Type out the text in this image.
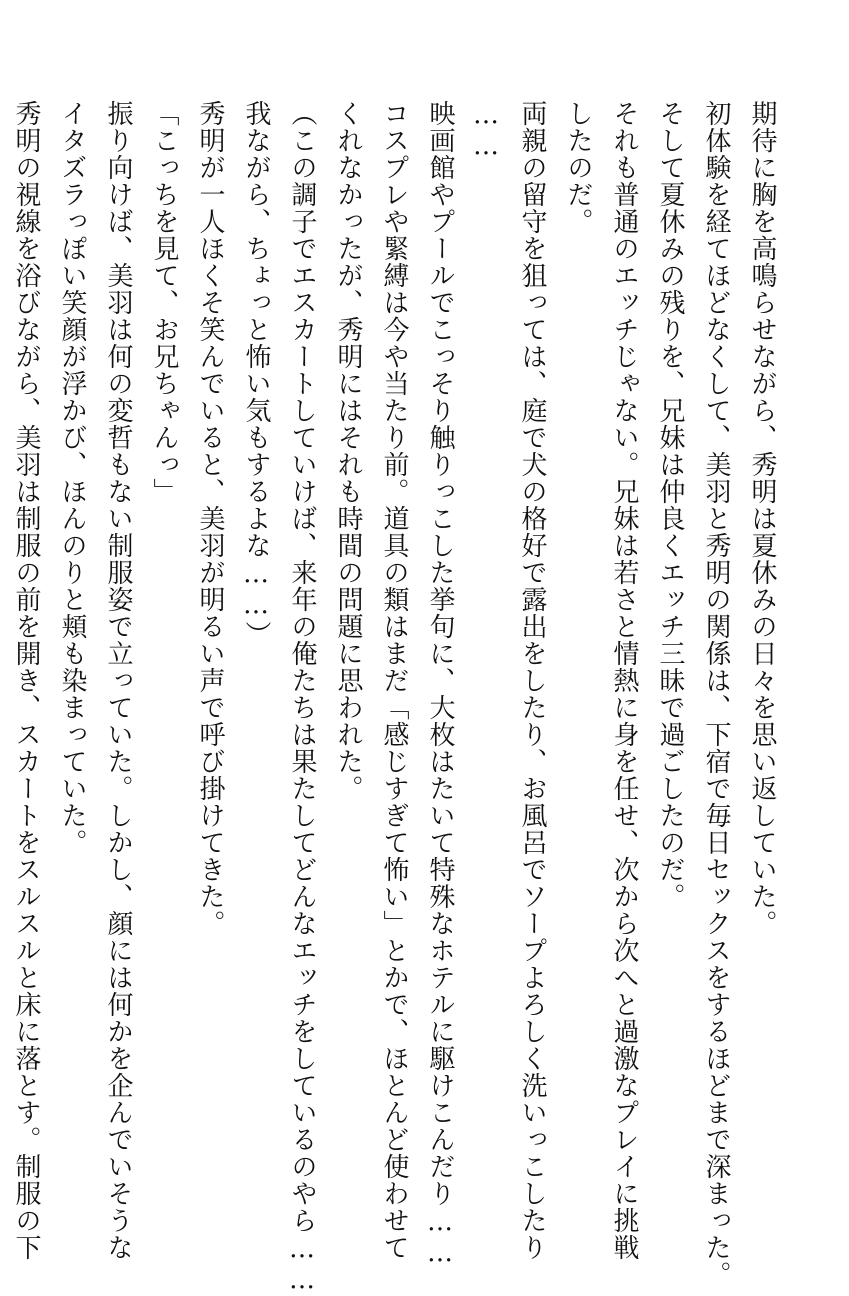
期待に胸を高鳴らせながら、秀明は夏休みの日々を思い返していた。

初体験を経てほどなくして、美羽と秀明の関係は、下宿で毎日セックスをするほどまで深まった。

そして夏休みの残りを、兄妹は仲良くエッチ三昧で過ごしたのだ。

それも普通のエッチじゃない。兄妹は若さと情熱に身を任せ、次から次へと過激なプレイに挑戦

したのだ。

両親の留守を狙っては、庭で犬の格好で露出をしたり、お風呂でソープよろしく洗いっこしたり

……

映画館やプールでこっそり触りっこした挙句に、大枚はたいて特殊なホテルに駆けこんだり……

コスプレや緊縛は今や当たり前。道具の類はまだ「感じすぎて怖い」とかで、ほとんど使わせて

くれなかったが、秀明にはそれも時間の問題に思われた。

（この調子でエスカートしていけば、来年の俺たちは果たしてどんなエッチをしているのやら……

我ながら、ちょっと怖い気もするよな……）

秀明が一人ほくそ笑んでいると、美羽が明るい声で呼び掛けてきた。

「こっちを見て、お兄ちゃんっ」

振り向けば、美羽は何の変哲もない制服姿で立っていた。しかし、顔には何かを企んでいそうな

イタズラっぽい笑顔が浮かび、ほんのりと頬も染まっていた。

秀明の視線を浴びながら、美羽は制服の前を開き、スカートをスルスルと床に落とす。制服の下
